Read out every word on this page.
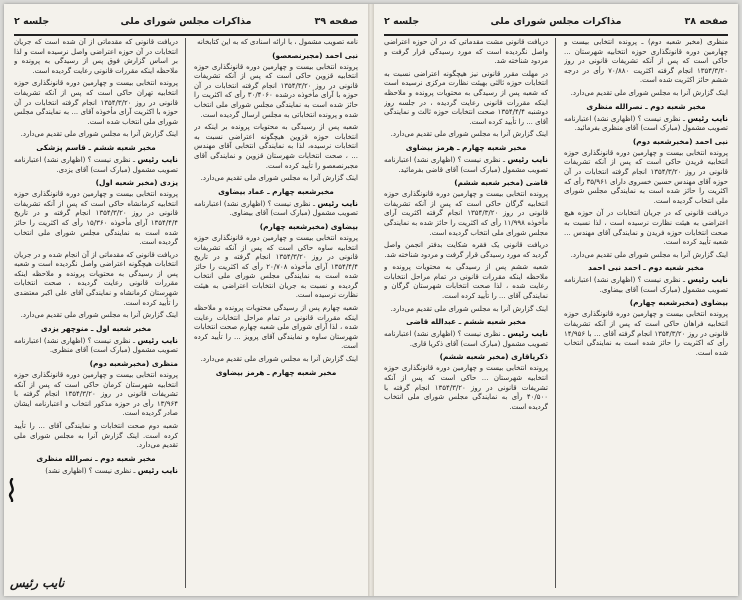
صفحه ۳۹
مذاکرات مجلس شورای ملی
جلسه ۲
نامه تصویب مشمول ، با ارائه اسنادی که به این کتابخانه
نبی احمد (مجبرنصعصو)
پرونده انتخابی بیست و چهارمین دوره قانونگذاری حوزه انتخابیه قزوین حاکی است که پس از آنکه تشریفات قانونی در روز ۱۳۵۴/۳/۲۰ انجام گرفته انتخابات در آن حوزه با آرای مأخوذه درشده ۳۰/۴۰۶۰ رأی که اکثریت را حائز شده است به نمایندگی مجلس شورای ملی انتخاب شده و پرونده انتخاباتی به مجلس ارسال گردیده است.
شعبه پس از رسیدگی به محتویات پرونده بر اینکه در انتخابات حوزه قزوین هیچگونه اعتراضی نسبت به انتخابات نرسیده، لذا به نمایندگی انتخابی آقای مهندس ... ، صحت انتخابات شهرستان قزوین و نمایندگی آقای مجبرنصعصو را تأیید کرده است.
اینک گزارش آنرا به مجلس شورای ملی تقدیم می‌دارد.
مخبرشعبه چهارم ـ عماد بیضاوی
نایب رئیس ـ نظری نیست ؟ (اظهاری نشد) اعتبارنامه تصویب مشمول (مبارک است) آقای بیضاوی.
بیضاوی (مخبرشعبه چهارم)
پرونده انتخابی بیست و چهارمین دوره قانونگذاری حوزه انتخابیه ساوه حاکی است که پس از آنکه تشریفات قانونی در روز ۱۳۵۴/۳/۲۰ انجام گرفته و در تاریخ ۱۳۵۴/۴/۴ آرای مأخوذه ۲۰/۷۰۸ رأی که اکثریت را حائز شده است به نمایندگی مجلس شورای ملی انتخاب گردیده و نسبت به جریان انتخابات اعتراضی به هیئت نظارت نرسیده است.
شعبه چهارم پس از رسیدگی محتویات پرونده و ملاحظه اینکه مقررات قانونی در تمام مراحل انتخابات رعایت شده ، لذا آرای شورای ملی شعبه چهارم صحت انتخابات شهرستان ساوه و نمایندگی آقای پرویز ... را تأیید کرده است.
اینک گزارش آنرا به مجلس شورای ملی تقدیم می‌دارد.
مخبر شعبه چهارم ـ هرمز بیضاوی
دریافت قانونی که مقدماتی از آن شده است که جریان انتخابات در آن حوزه اعتراضی واصل نرسیده است و لذا بر اساس گزارش فوق پس از رسیدگی به پرونده و ملاحظه اینکه مقررات قانونی رعایت گردیده است.
پرونده انتخابی بیست و چهارمین دوره قانونگذاری حوزه انتخابیه تهران حاکی است که پس از آنکه تشریفات قانونی در روز ۱۳۵۴/۳/۲۰ انجام گرفته انتخابات در آن حوزه با اکثریت آرای مأخوذه آقای ... به نمایندگی مجلس شورای ملی انتخاب شده است.
اینک گزارش آنرا به مجلس شورای ملی تقدیم می‌دارد.
مخبر شعبه ششم ـ قاسم پزشکی
نایب رئیس ـ نظری نیست ؟ (اظهاری نشد) اعتبارنامه تصویب مشمول (مبارک است) آقای یزدی.
یزدی (مخبر شعبه اول)
پرونده انتخابی بیست و چهارمین دوره قانونگذاری حوزه انتخابیه کرمانشاه حاکی است که پس از آنکه تشریفات قانونی در روز ۱۳۵۴/۳/۲۰ انجام گرفته و در تاریخ ۱۳۵۴/۴/۴ آرای مأخوذه ۱۵/۳۶۰ رأی که اکثریت را حائز شده است به نمایندگی مجلس شورای ملی انتخاب گردیده است.
دریافت قانونی که مقدماتی از آن انجام شده و در جریان انتخابات هیچگونه اعتراضی واصل نگردیده است و شعبه پس از رسیدگی به محتویات پرونده و ملاحظه اینکه مقررات قانونی رعایت گردیده ، صحت انتخابات شهرستان کرمانشاه و نمایندگی آقای علی اکبر معتضدی را تأیید کرده است.
اینک گزارش آنرا به مجلس شورای ملی تقدیم می‌دارد.
مخبر شعبه اول ـ منوچهر یزدی
نایب رئیس ـ نظری نیست ؟ (اظهاری نشد) اعتبارنامه تصویب مشمول (مبارک است) آقای منظری.
منظری (مخبرشعبه دوم)
پرونده انتخابی بیست و چهارمین دوره قانونگذاری حوزه انتخابیه شهرستان کرمان حاکی است که پس از آنکه تشریفات قانونی در روز ۱۳۵۴/۳/۲۰ انجام گرفته با ۱۳/۹۶۴ رأی در حوزه مذکور انتخاب و اعتبارنامه ایشان صادر گردیده است.
شعبه دوم صحت انتخابات و نمایندگی آقای ... را تأیید کرده است. اینک گزارش آنرا به مجلس شورای ملی تقدیم می‌دارد.
مخبر شعبه دوم ـ نصرالله منظری
نایب رئیس ـ نظری نیست ؟ (اظهاری نشد)
نایب رئیس
صفحه ۳۸
مذاکرات مجلس شورای ملی
جلسه ۲
منظری (مخبر شعبه دوم) ـ پرونده انتخابی بیست و چهارمین دوره قانونگذاری حوزه انتخابیه شهرستان ... حاکی است که پس از آنکه تشریفات قانونی در روز ۱۳۵۴/۳/۲۰ انجام گرفته اکثریت ۷۰/۸۸۰ رأی در درجه ششم حائز اکثریت شده است.
اینک گزارش آنرا به مجلس شورای ملی تقدیم می‌دارد.
مخبر شعبه دوم ـ نصرالله منظری
نایب رئیس ـ نظری نیست ؟ (اظهاری نشد) اعتبارنامه تصویب مشمول (مبارک است) آقای منظری بفرمائید.
نبی احمد (مخبرشعبه دوم)
پرونده انتخابی بیست و چهارمین دوره قانونگذاری حوزه انتخابیه فریدن حاکی است که پس از آنکه تشریفات قانونی در روز ۱۳۵۴/۳/۲۰ انجام گرفته انتخابات در آن حوزه آقای مهندس حسین خسروی دارای ۳۵/۹۶۱ رأی که اکثریت را حائز شده است به نمایندگی مجلس شورای ملی انتخاب گردیده است.
دریافت قانونی که در جریان انتخابات در آن حوزه هیچ اعتراضی به هیئت نظارت نرسیده است ، لذا نسبت به صحت انتخابات حوزه فریدن و نمایندگی آقای مهندس ... شعبه تأیید کرده است.
اینک گزارش آنرا به مجلس شورای ملی تقدیم می‌دارد.
مخبر شعبه دوم ـ احمد نبی احمد
نایب رئیس ـ نظری نیست ؟ (اظهاری نشد) اعتبارنامه تصویب مشمول (مبارک است) آقای بیضاوی.
بیضاوی (مخبرشعبه چهارم)
پرونده انتخابی بیست و چهارمین دوره قانونگذاری حوزه انتخابیه فراهان حاکی است که پس از آنکه تشریفات قانونی در روز ۱۳۵۴/۳/۲۰ انجام گرفته آقای ... با ۱۴/۹۵۶ رأی که اکثریت را حائز شده است به نمایندگی انتخاب شده است.
دریافت قانونی مشت مقدماتی که در آن حوزه اعتراضی واصل نگردیده است که مورد رسیدگی قرار گرفت و مردود شناخته شد.
در مهلت مقرر قانونی نیز هیچگونه اعتراضی نسبت به انتخابات حوزه ثالثی بهیئت نظارت مرکزی نرسیده است که شعبه پس از رسیدگی به محتویات پرونده و ملاحظه اینکه مقررات قانونی رعایت گردیده ، در جلسه روز دوشنبه ۱۳۵۴/۴/۴ صحت انتخابات حوزه ثالث و نمایندگی آقای ... را تأیید کرده است.
اینک گزارش آنرا به مجلس شورای ملی تقدیم می‌دارد.
مخبر شعبه چهارم ـ هرمز بیضاوی
نایب رئیس ـ نظری نیست ؟ (اظهاری نشد) اعتبارنامه تصویب مشمول (مبارک است) آقای قاضی بفرمائید.
قاضی (مخبر شعبه ششم)
پرونده انتخابی بیست و چهارمین دوره قانونگذاری حوزه انتخابیه گرگان حاکی است که پس از آنکه تشریفات قانونی در روز ۱۳۵۴/۳/۲۰ انجام گرفته اکثریت آرای مأخوذه ۱۱/۹۹۸ رأی که اکثریت را حائز شده به نمایندگی مجلس شورای ملی انتخاب گردیده است.
دریافت قانونی یک فقره شکایت بدفتر انجمن واصل گردید که مورد رسیدگی قرار گرفت و مردود شناخته شد.
شعبه ششم پس از رسیدگی به محتویات پرونده و ملاحظه اینکه مقررات قانونی در تمام مراحل انتخابات رعایت شده ، لذا صحت انتخابات شهرستان گرگان و نمایندگی آقای ... را تأیید کرده است.
اینک گزارش آنرا به مجلس شورای ملی تقدیم می‌دارد.
مخبر شعبه ششم ـ عبدالله قاضی
نایب رئیس ـ نظری نیست ؟ (اظهاری نشد) اعتبارنامه تصویب مشمول (مبارک است) آقای ذکریا قاری.
ذکریاقاری (مخبر شعبه ششم)
پرونده انتخابی بیست و چهارمین دوره قانونگذاری حوزه انتخابیه شهرستان ... حاکی است که پس از آنکه تشریفات قانونی در روز ۱۳۵۴/۳/۲۰ انجام گرفته با ۴۰/۵۰۰ رأی به نمایندگی مجلس شورای ملی انتخاب گردیده است.
